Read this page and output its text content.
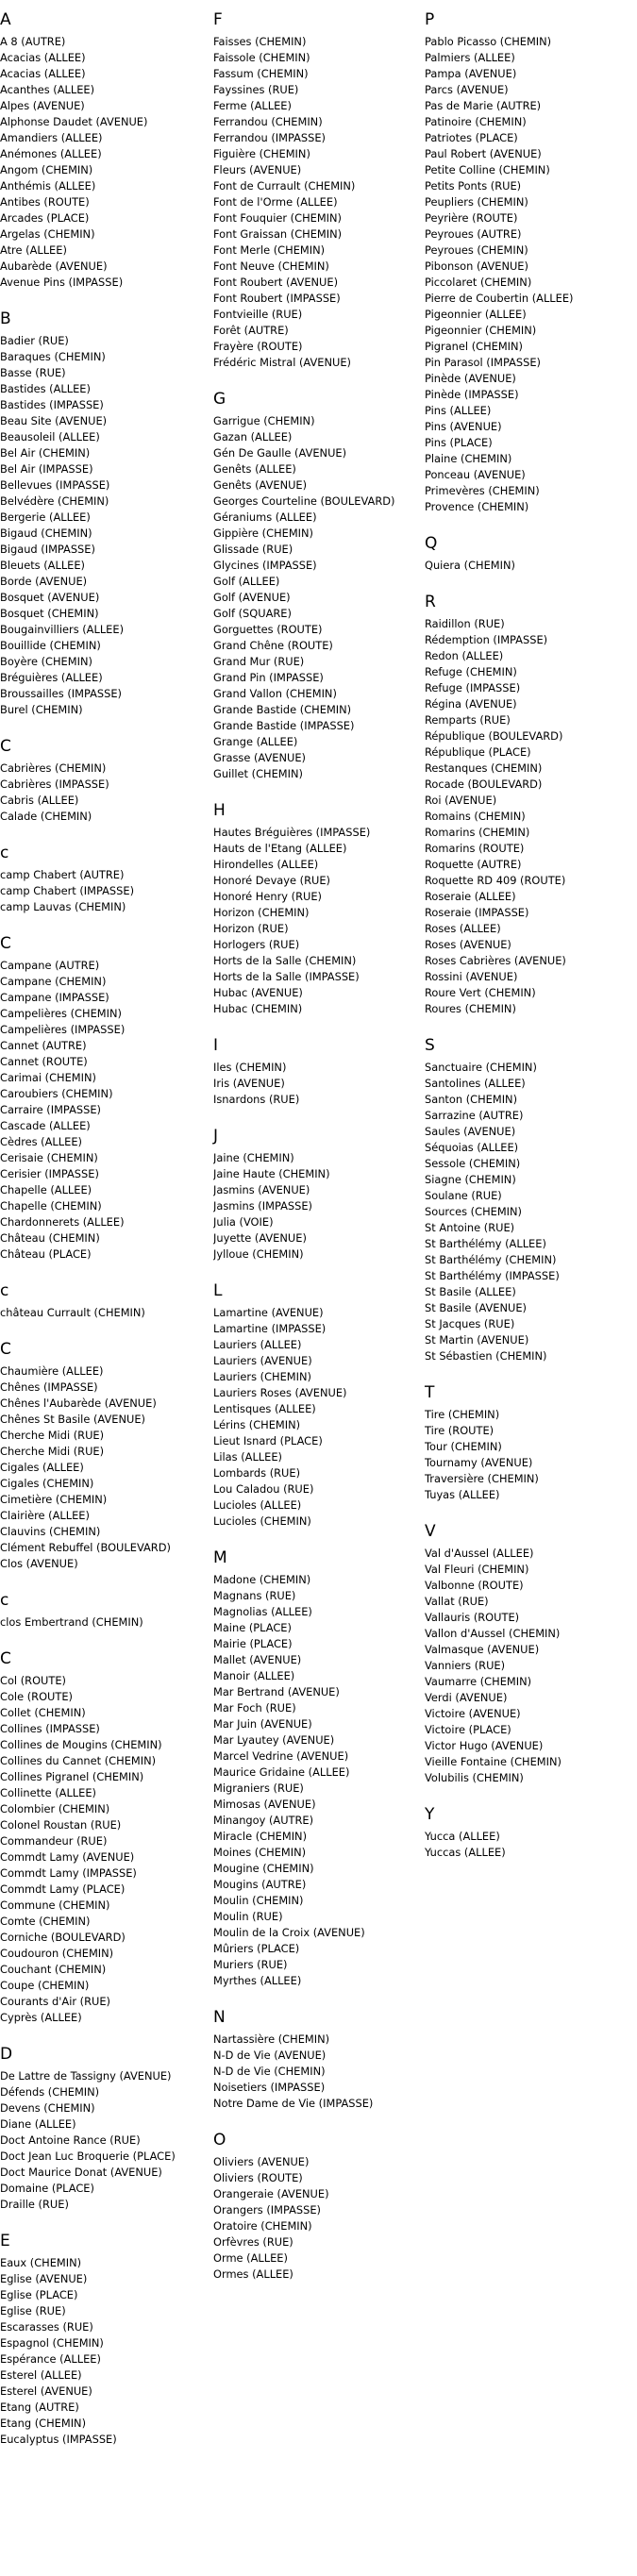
A
A 8 (AUTRE)
Acacias (ALLEE)
Acacias (ALLEE)
Acanthes (ALLEE)
Alpes (AVENUE)
Alphonse Daudet (AVENUE)
Amandiers (ALLEE)
Anémones (ALLEE)
Angom (CHEMIN)
Anthémis (ALLEE)
Antibes (ROUTE)
Arcades (PLACE)
Argelas (CHEMIN)
Atre (ALLEE)
Aubarède (AVENUE)
Avenue Pins (IMPASSE)
B
Badier (RUE)
Baraques (CHEMIN)
Basse (RUE)
Bastides (ALLEE)
Bastides (IMPASSE)
Beau Site (AVENUE)
Beausoleil (ALLEE)
Bel Air (CHEMIN)
Bel Air (IMPASSE)
Bellevues (IMPASSE)
Belvédère (CHEMIN)
Bergerie (ALLEE)
Bigaud (CHEMIN)
Bigaud (IMPASSE)
Bleuets (ALLEE)
Borde (AVENUE)
Bosquet (AVENUE)
Bosquet (CHEMIN)
Bougainvilliers (ALLEE)
Bouillide (CHEMIN)
Boyère (CHEMIN)
Bréguières (ALLEE)
Broussailles (IMPASSE)
Burel (CHEMIN)
C
Cabrières (CHEMIN)
Cabrières (IMPASSE)
Cabris (ALLEE)
Calade (CHEMIN)
c
camp Chabert (AUTRE)
camp Chabert (IMPASSE)
camp Lauvas (CHEMIN)
C
Campane (AUTRE)
Campane (CHEMIN)
Campane (IMPASSE)
Campelières (CHEMIN)
Campelières (IMPASSE)
Cannet (AUTRE)
Cannet (ROUTE)
Carimai (CHEMIN)
Caroubiers (CHEMIN)
Carraire (IMPASSE)
Cascade (ALLEE)
Cèdres (ALLEE)
Cerisaie (CHEMIN)
Cerisier (IMPASSE)
Chapelle (ALLEE)
Chapelle (CHEMIN)
Chardonnerets (ALLEE)
Château (CHEMIN)
Château (PLACE)
c
château Currault (CHEMIN)
C
Chaumière (ALLEE)
Chênes (IMPASSE)
Chênes l'Aubarède (AVENUE)
Chênes St Basile (AVENUE)
Cherche Midi (RUE)
Cherche Midi (RUE)
Cigales (ALLEE)
Cigales (CHEMIN)
Cimetière (CHEMIN)
Clairière (ALLEE)
Clauvins (CHEMIN)
Clément Rebuffel (BOULEVARD)
Clos (AVENUE)
c
clos Embertrand (CHEMIN)
C
Col (ROUTE)
Cole (ROUTE)
Collet (CHEMIN)
Collines (IMPASSE)
Collines de Mougins (CHEMIN)
Collines du Cannet (CHEMIN)
Collines Pigranel (CHEMIN)
Collinette (ALLEE)
Colombier (CHEMIN)
Colonel Roustan (RUE)
Commandeur (RUE)
Commdt Lamy (AVENUE)
Commdt Lamy (IMPASSE)
Commdt Lamy (PLACE)
Commune (CHEMIN)
Comte (CHEMIN)
Corniche (BOULEVARD)
Coudouron (CHEMIN)
Couchant (CHEMIN)
Coupe (CHEMIN)
Courants d'Air (RUE)
Cyprès (ALLEE)
D
De Lattre de Tassigny (AVENUE)
Défends (CHEMIN)
Devens (CHEMIN)
Diane (ALLEE)
Doct Antoine Rance (RUE)
Doct Jean Luc Broquerie (PLACE)
Doct Maurice Donat (AVENUE)
Domaine (PLACE)
Draille (RUE)
E
Eaux (CHEMIN)
Eglise (AVENUE)
Eglise (PLACE)
Eglise (RUE)
Escarasses (RUE)
Espagnol (CHEMIN)
Espérance (ALLEE)
Esterel (ALLEE)
Esterel (AVENUE)
Etang (AUTRE)
Etang (CHEMIN)
Eucalyptus (IMPASSE)
F
Faisses (CHEMIN)
Faissole (CHEMIN)
Fassum (CHEMIN)
Fayssines (RUE)
Ferme (ALLEE)
Ferrandou (CHEMIN)
Ferrandou (IMPASSE)
Figuière (CHEMIN)
Fleurs (AVENUE)
Font de Currault (CHEMIN)
Font de l'Orme (ALLEE)
Font Fouquier (CHEMIN)
Font Graissan (CHEMIN)
Font Merle (CHEMIN)
Font Neuve (CHEMIN)
Font Roubert (AVENUE)
Font Roubert (IMPASSE)
Fontvieille (RUE)
Forêt (AUTRE)
Frayère (ROUTE)
Frédéric Mistral (AVENUE)
G
Garrigue (CHEMIN)
Gazan (ALLEE)
Gén De Gaulle (AVENUE)
Genêts (ALLEE)
Genêts (AVENUE)
Georges Courteline (BOULEVARD)
Géraniums (ALLEE)
Gippière (CHEMIN)
Glissade (RUE)
Glycines (IMPASSE)
Golf (ALLEE)
Golf (AVENUE)
Golf (SQUARE)
Gorguettes (ROUTE)
Grand Chêne (ROUTE)
Grand Mur (RUE)
Grand Pin (IMPASSE)
Grand Vallon (CHEMIN)
Grande Bastide (CHEMIN)
Grande Bastide (IMPASSE)
Grange (ALLEE)
Grasse (AVENUE)
Guillet (CHEMIN)
H
Hautes Bréguières (IMPASSE)
Hauts de l'Etang (ALLEE)
Hirondelles (ALLEE)
Honoré Devaye (RUE)
Honoré Henry (RUE)
Horizon (CHEMIN)
Horizon (RUE)
Horlogers (RUE)
Horts de la Salle (CHEMIN)
Horts de la Salle (IMPASSE)
Hubac (AVENUE)
Hubac (CHEMIN)
I
Iles (CHEMIN)
Iris (AVENUE)
Isnardons (RUE)
J
Jaine (CHEMIN)
Jaine Haute (CHEMIN)
Jasmins (AVENUE)
Jasmins (IMPASSE)
Julia (VOIE)
Juyette (AVENUE)
Jylloue (CHEMIN)
L
Lamartine (AVENUE)
Lamartine (IMPASSE)
Lauriers (ALLEE)
Lauriers (AVENUE)
Lauriers (CHEMIN)
Lauriers Roses (AVENUE)
Lentisques (ALLEE)
Lérins (CHEMIN)
Lieut Isnard (PLACE)
Lilas (ALLEE)
Lombards (RUE)
Lou Caladou (RUE)
Lucioles (ALLEE)
Lucioles (CHEMIN)
M
Madone (CHEMIN)
Magnans (RUE)
Magnolias (ALLEE)
Maine (PLACE)
Mairie (PLACE)
Mallet (AVENUE)
Manoir (ALLEE)
Mar Bertrand (AVENUE)
Mar Foch (RUE)
Mar Juin (AVENUE)
Mar Lyautey (AVENUE)
Marcel Vedrine (AVENUE)
Maurice Gridaine (ALLEE)
Migraniers (RUE)
Mimosas (AVENUE)
Minangoy (AUTRE)
Miracle (CHEMIN)
Moines (CHEMIN)
Mougine (CHEMIN)
Mougins (AUTRE)
Moulin (CHEMIN)
Moulin (RUE)
Moulin de la Croix (AVENUE)
Mûriers (PLACE)
Muriers (RUE)
Myrthes (ALLEE)
N
Nartassière (CHEMIN)
N-D de Vie (AVENUE)
N-D de Vie (CHEMIN)
Noisetiers (IMPASSE)
Notre Dame de Vie (IMPASSE)
O
Oliviers (AVENUE)
Oliviers (ROUTE)
Orangeraie (AVENUE)
Orangers (IMPASSE)
Oratoire (CHEMIN)
Orfèvres (RUE)
Orme (ALLEE)
Ormes (ALLEE)
P
Pablo Picasso (CHEMIN)
Palmiers (ALLEE)
Pampa (AVENUE)
Parcs (AVENUE)
Pas de Marie (AUTRE)
Patinoire (CHEMIN)
Patriotes (PLACE)
Paul Robert (AVENUE)
Petite Colline (CHEMIN)
Petits Ponts (RUE)
Peupliers (CHEMIN)
Peyrière (ROUTE)
Peyroues (AUTRE)
Peyroues (CHEMIN)
Pibonson (AVENUE)
Piccolaret (CHEMIN)
Pierre de Coubertin (ALLEE)
Pigeonnier (ALLEE)
Pigeonnier (CHEMIN)
Pigranel (CHEMIN)
Pin Parasol (IMPASSE)
Pinède (AVENUE)
Pinède (IMPASSE)
Pins (ALLEE)
Pins (AVENUE)
Pins (PLACE)
Plaine (CHEMIN)
Ponceau (AVENUE)
Primevères (CHEMIN)
Provence (CHEMIN)
Q
Quiera (CHEMIN)
R
Raidillon (RUE)
Rédemption (IMPASSE)
Redon (ALLEE)
Refuge (CHEMIN)
Refuge (IMPASSE)
Régina (AVENUE)
Remparts (RUE)
République (BOULEVARD)
République (PLACE)
Restanques (CHEMIN)
Rocade (BOULEVARD)
Roi (AVENUE)
Romains (CHEMIN)
Romarins (CHEMIN)
Romarins (ROUTE)
Roquette (AUTRE)
Roquette RD 409 (ROUTE)
Roseraie (ALLEE)
Roseraie (IMPASSE)
Roses (ALLEE)
Roses (AVENUE)
Roses Cabrières (AVENUE)
Rossini (AVENUE)
Roure Vert (CHEMIN)
Roures (CHEMIN)
S
Sanctuaire (CHEMIN)
Santolines (ALLEE)
Santon (CHEMIN)
Sarrazine (AUTRE)
Saules (AVENUE)
Séquoias (ALLEE)
Sessole (CHEMIN)
Siagne (CHEMIN)
Soulane (RUE)
Sources (CHEMIN)
St Antoine (RUE)
St Barthélémy (ALLEE)
St Barthélémy (CHEMIN)
St Barthélémy (IMPASSE)
St Basile (ALLEE)
St Basile (AVENUE)
St Jacques (RUE)
St Martin (AVENUE)
St Sébastien (CHEMIN)
T
Tire (CHEMIN)
Tire (ROUTE)
Tour (CHEMIN)
Tournamy (AVENUE)
Traversière (CHEMIN)
Tuyas (ALLEE)
V
Val d'Aussel (ALLEE)
Val Fleuri (CHEMIN)
Valbonne (ROUTE)
Vallat (RUE)
Vallauris (ROUTE)
Vallon d'Aussel (CHEMIN)
Valmasque (AVENUE)
Vanniers (RUE)
Vaumarre (CHEMIN)
Verdi (AVENUE)
Victoire (AVENUE)
Victoire (PLACE)
Victor Hugo (AVENUE)
Vieille Fontaine (CHEMIN)
Volubilis (CHEMIN)
Y
Yucca (ALLEE)
Yuccas (ALLEE)
